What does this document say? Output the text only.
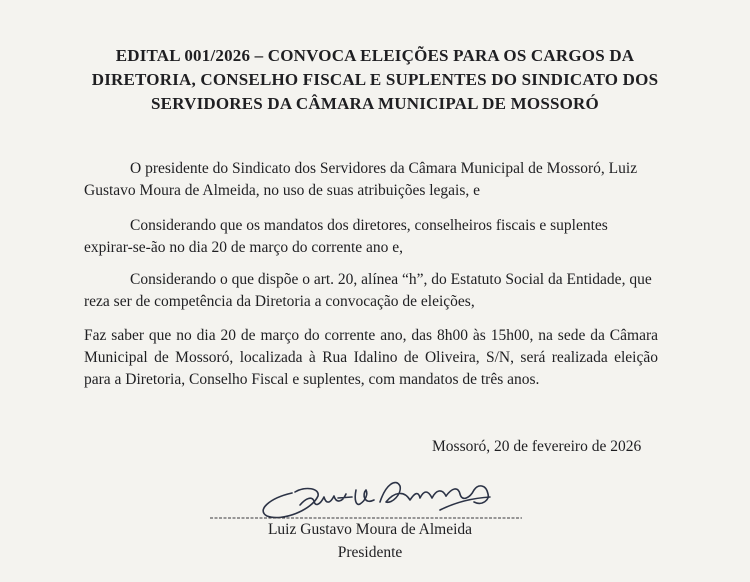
EDITAL 001/2026 – CONVOCA ELEIÇÕES PARA OS CARGOS DA
DIRETORIA, CONSELHO FISCAL E SUPLENTES DO SINDICATO DOS
SERVIDORES DA CÂMARA MUNICIPAL DE MOSSORÓ

O presidente do Sindicato dos Servidores da Câmara Municipal de Mossoró, Luiz Gustavo Moura de Almeida, no uso de suas atribuições legais, e

Considerando que os mandatos dos diretores, conselheiros fiscais e suplentes expirar-se-ão no dia 20 de março do corrente ano e,

Considerando o que dispõe o art. 20, alínea “h”, do Estatuto Social da Entidade, que reza ser de competência da Diretoria a convocação de eleições,

Faz saber que no dia 20 de março do corrente ano, das 8h00 às 15h00, na sede da Câmara Municipal de Mossoró, localizada à Rua Idalino de Oliveira, S/N, será realizada eleição para a Diretoria, Conselho Fiscal e suplentes, com mandatos de três anos.

Mossoró, 20 de fevereiro de 2026
Luiz Gustavo Moura de Almeida
Presidente
